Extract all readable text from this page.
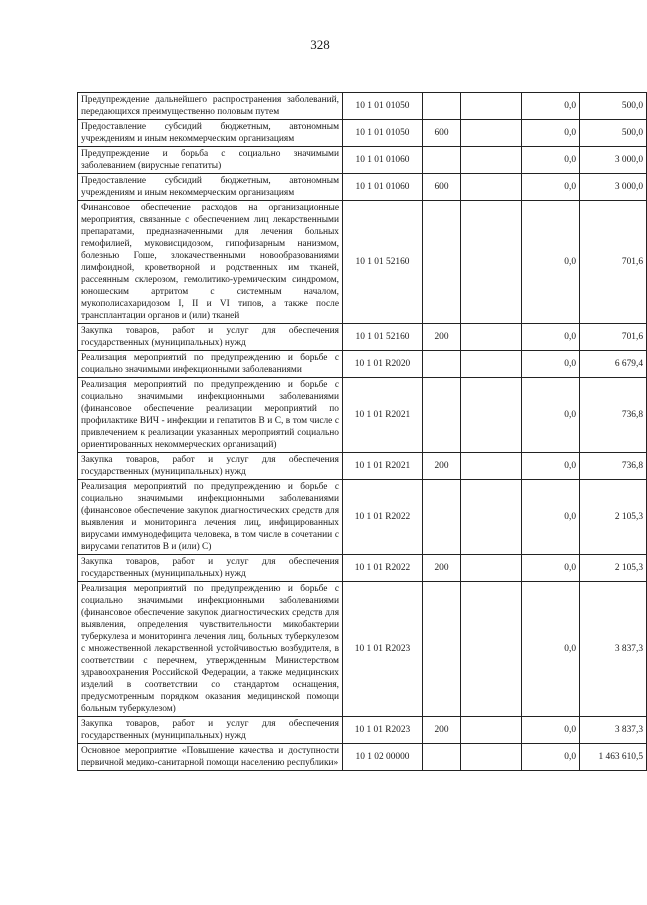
328
Предупреждение дальнейшего распространения заболеваний, передающихся преимущественно половым путем	10 1 01 01050			0,0	500,0
Предоставление субсидий бюджетным, автономным учреждениям и иным некоммерческим организациям	10 1 01 01050	600		0,0	500,0
Предупреждение и борьба с социально значимыми заболеванием (вирусные гепатиты)	10 1 01 01060			0,0	3 000,0
Предоставление субсидий бюджетным, автономным учреждениям и иным некоммерческим организациям	10 1 01 01060	600		0,0	3 000,0
Финансовое обеспечение расходов на организационные мероприятия, связанные с обеспечением лиц лекарственными препаратами, предназначенными для лечения больных гемофилией, муковисцидозом, гипофизарным нанизмом, болезнью Гоше, злокачественными новообразованиями лимфоидной, кроветворной и родственных им тканей, рассеянным склерозом, гемолитико-уремическим синдромом, юношеским артритом с системным началом, мукополисахаридозом I, II и VI типов, а также после трансплантации органов и (или) тканей	10 1 01 52160			0,0	701,6
Закупка товаров, работ и услуг для обеспечения государственных (муниципальных) нужд	10 1 01 52160	200		0,0	701,6
Реализация мероприятий по предупреждению и борьбе с социально значимыми инфекционными заболеваниями	10 1 01 R2020			0,0	6 679,4
Реализация мероприятий по предупреждению и борьбе с социально значимыми инфекционными заболеваниями (финансовое обеспечение реализации мероприятий по профилактике ВИЧ - инфекции и гепатитов В и С, в том числе с привлечением к реализации указанных мероприятий социально ориентированных некоммерческих организаций)	10 1 01 R2021			0,0	736,8
Закупка товаров, работ и услуг для обеспечения государственных (муниципальных) нужд	10 1 01 R2021	200		0,0	736,8
Реализация мероприятий по предупреждению и борьбе с социально значимыми инфекционными заболеваниями (финансовое обеспечение закупок диагностических средств для выявления и мониторинга лечения лиц, инфицированных вирусами иммунодефицита человека, в том числе в сочетании с вирусами гепатитов В и (или) С)	10 1 01 R2022			0,0	2 105,3
Закупка товаров, работ и услуг для обеспечения государственных (муниципальных) нужд	10 1 01 R2022	200		0,0	2 105,3
Реализация мероприятий по предупреждению и борьбе с социально значимыми инфекционными заболеваниями (финансовое обеспечение закупок диагностических средств для выявления, определения чувствительности микобактерии туберкулеза и мониторинга лечения лиц, больных туберкулезом с множественной лекарственной устойчивостью возбудителя, в соответствии с перечнем, утвержденным Министерством здравоохранения Российской Федерации, а также медицинских изделий в соответствии со стандартом оснащения, предусмотренным порядком оказания медицинской помощи больным туберкулезом)	10 1 01 R2023			0,0	3 837,3
Закупка товаров, работ и услуг для обеспечения государственных (муниципальных) нужд	10 1 01 R2023	200		0,0	3 837,3
Основное мероприятие «Повышение качества и доступности первичной медико-санитарной помощи населению республики»	10 1 02 00000			0,0	1 463 610,5
